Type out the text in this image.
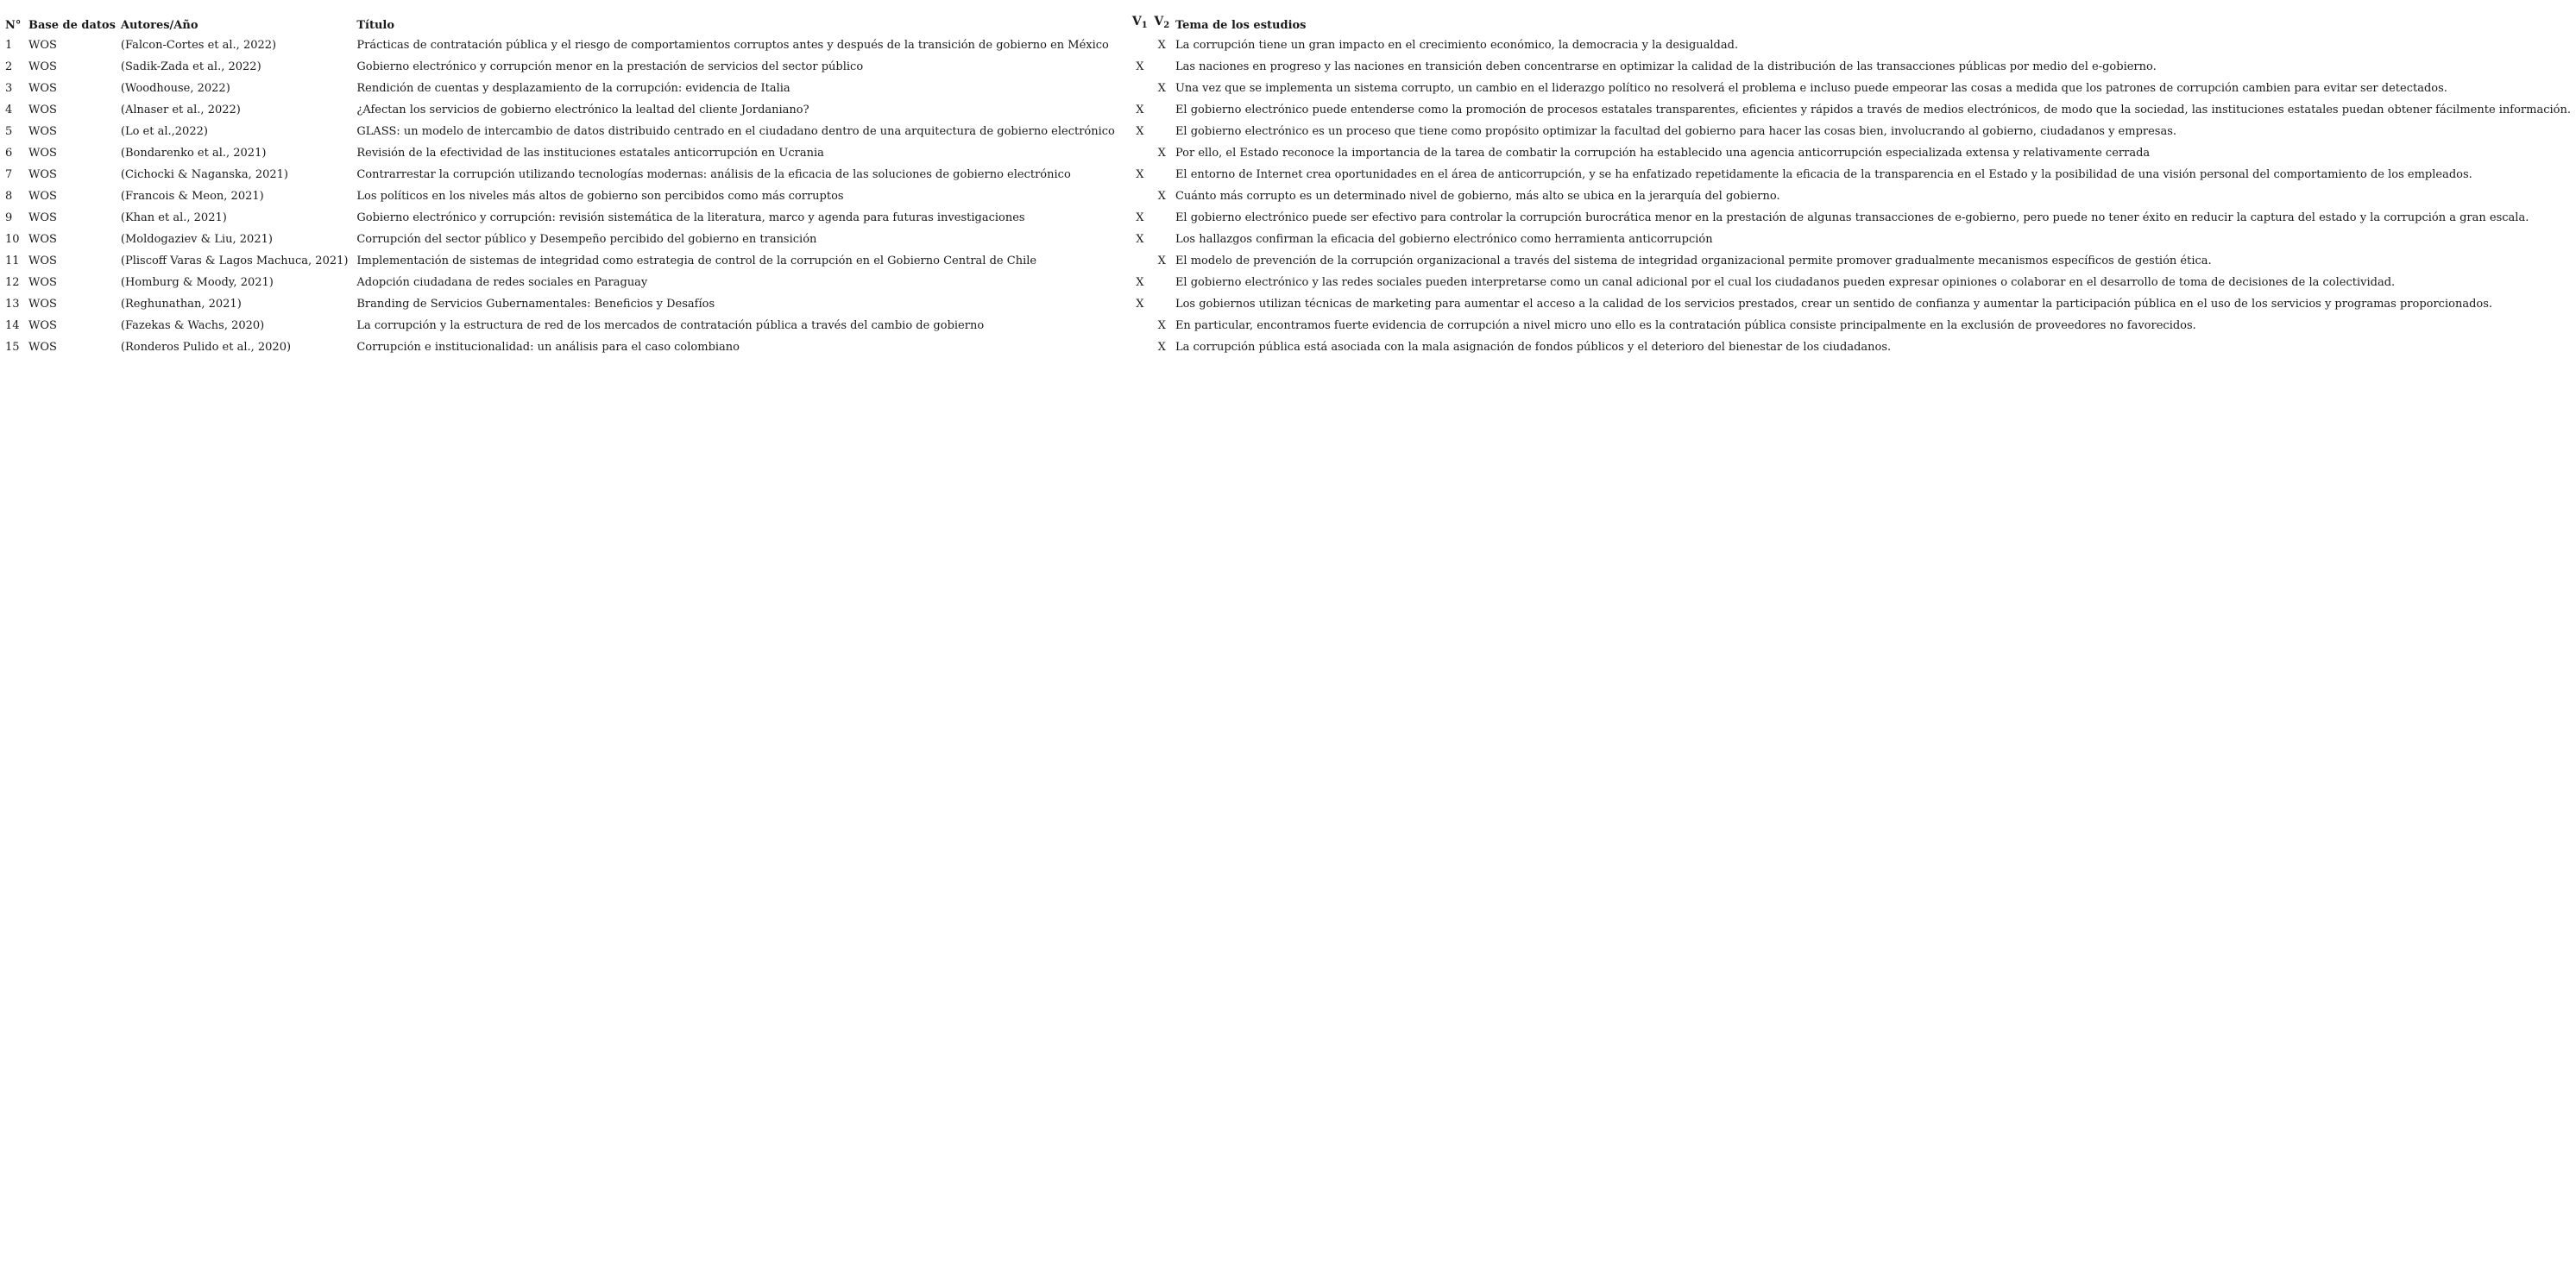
N°	Base de datos	Autores/Año	Título	$V_1$	$V_2$	Tema de los estudios
1	WOS	(Falcon-Cortes et al., 2022)	Prácticas de contratación pública y el riesgo de comportamientos corruptos antes y después de la transición de gobierno en México		X	La corrupción tiene un gran impacto en el crecimiento económico, la democracia y la desigualdad.
2	WOS	(Sadik-Zada et al., 2022)	Gobierno electrónico y corrupción menor en la prestación de servicios del sector público	X		Las naciones en progreso y las naciones en transición deben concentrarse en optimizar la calidad de la distribución de las transacciones públicas por medio del e-gobierno.
3	WOS	(Woodhouse, 2022)	Rendición de cuentas y desplazamiento de la corrupción: evidencia de Italia		X	Una vez que se implementa un sistema corrupto, un cambio en el liderazgo político no resolverá el problema e incluso puede empeorar las cosas a medida que los patrones de corrupción cambien para evitar ser detectados.
4	WOS	(Alnaser et al., 2022)	¿Afectan los servicios de gobierno electrónico la lealtad del cliente Jordaniano?	X		El gobierno electrónico puede entenderse como la promoción de procesos estatales transparentes, eficientes y rápidos a través de medios electrónicos, de modo que la sociedad, las instituciones estatales puedan obtener fácilmente información.
5	WOS	(Lo et al.,2022)	GLASS: un modelo de intercambio de datos distribuido centrado en el ciudadano dentro de una arquitectura de gobierno electrónico	X		El gobierno electrónico es un proceso que tiene como propósito optimizar la facultad del gobierno para hacer las cosas bien, involucrando al gobierno, ciudadanos y empresas.
6	WOS	(Bondarenko et al., 2021)	Revisión de la efectividad de las instituciones estatales anticorrupción en Ucrania		X	Por ello, el Estado reconoce la importancia de la tarea de combatir la corrupción ha establecido una agencia anticorrupción especializada extensa y relativamente cerrada
7	WOS	(Cichocki & Naganska, 2021)	Contrarrestar la corrupción utilizando tecnologías modernas: análisis de la eficacia de las soluciones de gobierno electrónico	X		El entorno de Internet crea oportunidades en el área de anticorrupción, y se ha enfatizado repetidamente la eficacia de la transparencia en el Estado y la posibilidad de una visión personal del comportamiento de los empleados.
8	WOS	(Francois & Meon, 2021)	Los políticos en los niveles más altos de gobierno son percibidos como más corruptos		X	Cuánto más corrupto es un determinado nivel de gobierno, más alto se ubica en la jerarquía del gobierno.
9	WOS	(Khan et al., 2021)	Gobierno electrónico y corrupción: revisión sistemática de la literatura, marco y agenda para futuras investigaciones	X		El gobierno electrónico puede ser efectivo para controlar la corrupción burocrática menor en la prestación de algunas transacciones de e-gobierno, pero puede no tener éxito en reducir la captura del estado y la corrupción a gran escala.
10	WOS	(Moldogaziev & Liu, 2021)	Corrupción del sector público y Desempeño percibido del gobierno en transición	X		Los hallazgos confirman la eficacia del gobierno electrónico como herramienta anticorrupción
11	WOS	(Pliscoff Varas & Lagos Machuca, 2021)	Implementación de sistemas de integridad como estrategia de control de la corrupción en el Gobierno Central de Chile		X	El modelo de prevención de la corrupción organizacional a través del sistema de integridad organizacional permite promover gradualmente mecanismos específicos de gestión ética.
12	WOS	(Homburg & Moody, 2021)	Adopción ciudadana de redes sociales en Paraguay	X		El gobierno electrónico y las redes sociales pueden interpretarse como un canal adicional por el cual los ciudadanos pueden expresar opiniones o colaborar en el desarrollo de toma de decisiones de la colectividad.
13	WOS	(Reghunathan, 2021)	Branding de Servicios Gubernamentales: Beneficios y Desafíos	X		Los gobiernos utilizan técnicas de marketing para aumentar el acceso a la calidad de los servicios prestados, crear un sentido de confianza y aumentar la participación pública en el uso de los servicios y programas proporcionados.
14	WOS	(Fazekas & Wachs, 2020)	La corrupción y la estructura de red de los mercados de contratación pública a través del cambio de gobierno		X	En particular, encontramos fuerte evidencia de corrupción a nivel micro uno ello es la contratación pública consiste principalmente en la exclusión de proveedores no favorecidos.
15	WOS	(Ronderos Pulido et al., 2020)	Corrupción e institucionalidad: un análisis para el caso colombiano		X	La corrupción pública está asociada con la mala asignación de fondos públicos y el deterioro del bienestar de los ciudadanos.
